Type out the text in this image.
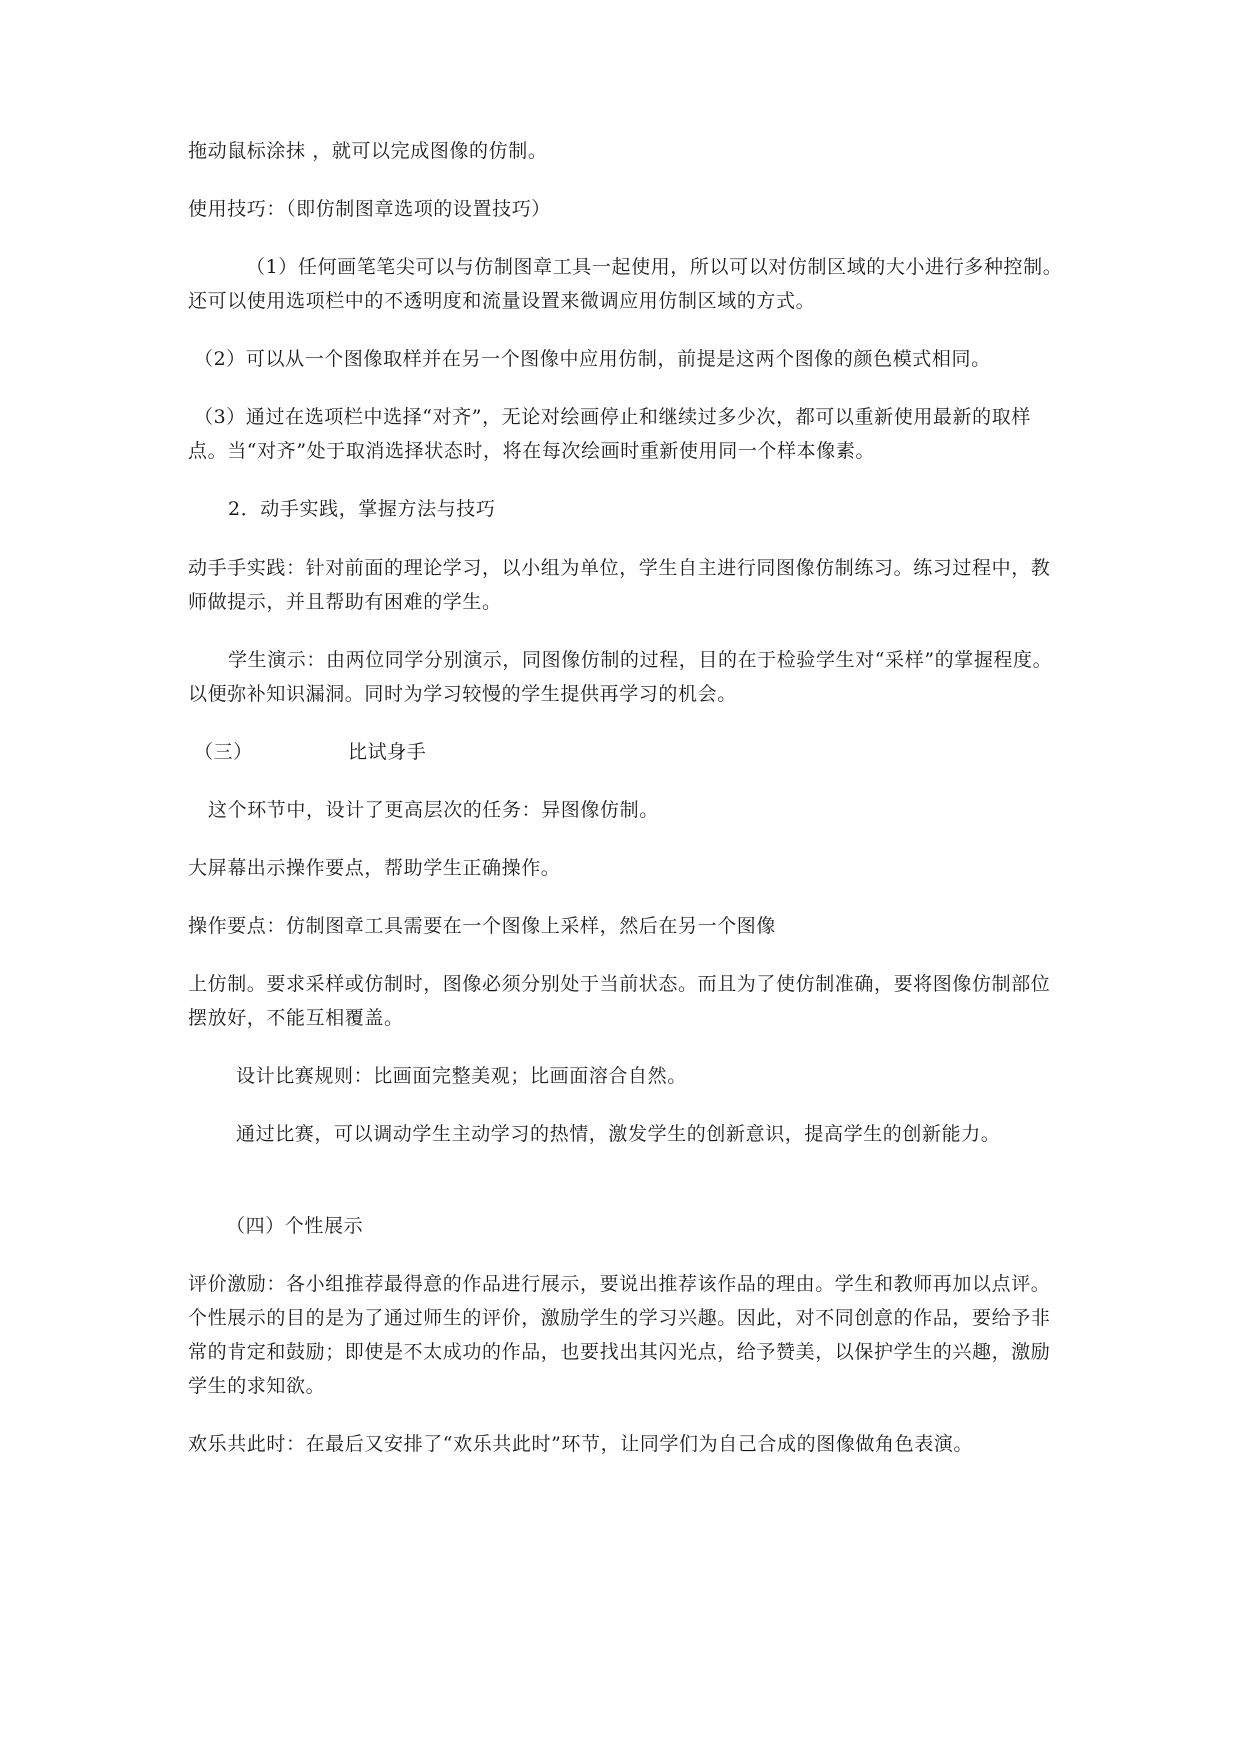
拖动鼠标涂抹 ，就可以完成图像的仿制。

使用技巧：（即仿制图章选项的设置技巧）

（1）任何画笔笔尖可以与仿制图章工具一起使用，所以可以对仿制区域的大小进行多种控制。还可以使用选项栏中的不透明度和流量设置来微调应用仿制区域的方式。

（2）可以从一个图像取样并在另一个图像中应用仿制，前提是这两个图像的颜色模式相同。

（3）通过在选项栏中选择“对齐”，无论对绘画停止和继续过多少次，都可以重新使用最新的取样点。当“对齐”处于取消选择状态时，将在每次绘画时重新使用同一个样本像素。

2．动手实践，掌握方法与技巧

动手手实践：针对前面的理论学习，以小组为单位，学生自主进行同图像仿制练习。练习过程中，教师做提示，并且帮助有困难的学生。

学生演示：由两位同学分别演示，同图像仿制的过程，目的在于检验学生对“采样”的掌握程度。以便弥补知识漏洞。同时为学习较慢的学生提供再学习的机会。

（三）	比试身手

这个环节中，设计了更高层次的任务：异图像仿制。

大屏幕出示操作要点，帮助学生正确操作。

操作要点：仿制图章工具需要在一个图像上采样，然后在另一个图像

上仿制。要求采样或仿制时，图像必须分别处于当前状态。而且为了使仿制准确，要将图像仿制部位摆放好，不能互相覆盖。

设计比赛规则：比画面完整美观；比画面溶合自然。

通过比赛，可以调动学生主动学习的热情，激发学生的创新意识，提高学生的创新能力。

（四）个性展示

评价激励：各小组推荐最得意的作品进行展示，要说出推荐该作品的理由。学生和教师再加以点评。个性展示的目的是为了通过师生的评价，激励学生的学习兴趣。因此，对不同创意的作品，要给予非常的肯定和鼓励；即使是不太成功的作品，也要找出其闪光点，给予赞美，以保护学生的兴趣，激励学生的求知欲。

欢乐共此时：在最后又安排了“欢乐共此时”环节，让同学们为自己合成的图像做角色表演。
